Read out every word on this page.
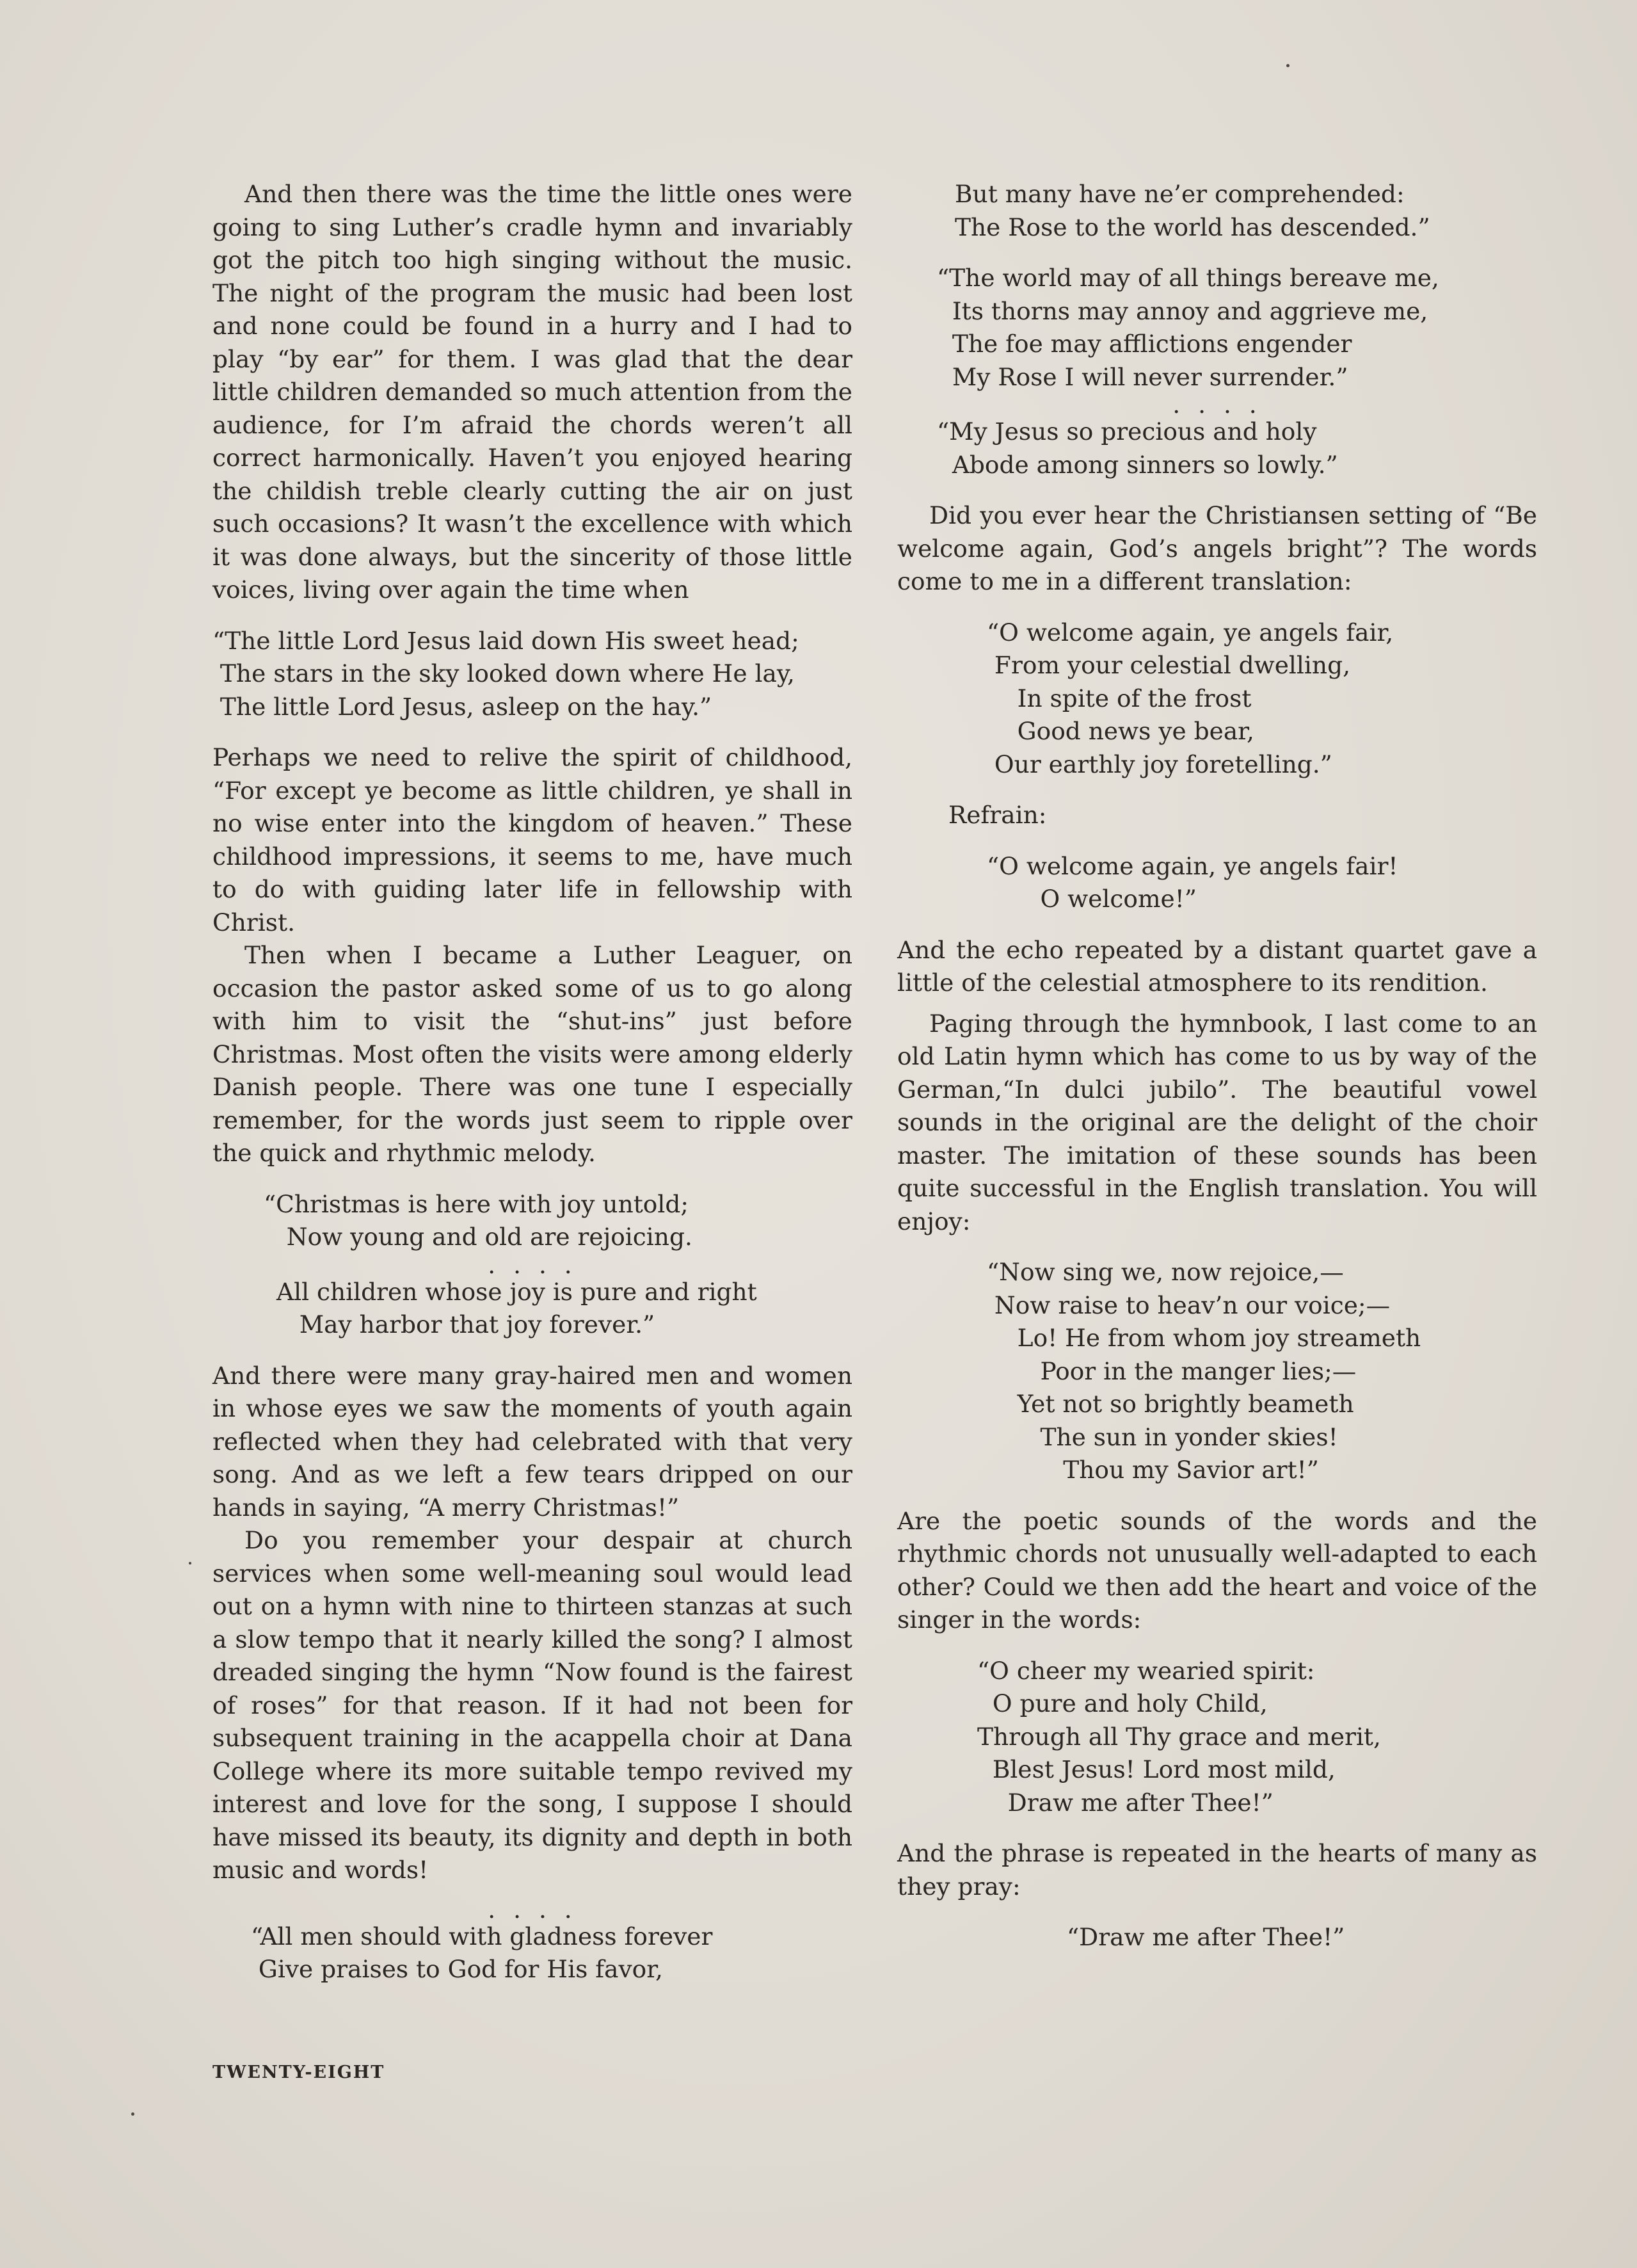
And then there was the time the little ones were going to sing Luther’s cradle hymn and invariably got the pitch too high singing without the music. The night of the program the music had been lost and none could be found in a hurry and I had to play “by ear” for them. I was glad that the dear little children demanded so much attention from the audience, for I’m afraid the chords weren’t all correct harmonically. Haven’t you enjoyed hearing the childish treble clearly cutting the air on just such occasions? It wasn’t the excellence with which it was done always, but the sincerity of those little voices, living over again the time when

“The little Lord Jesus laid down His sweet head;
The stars in the sky looked down where He lay,
The little Lord Jesus, asleep on the hay.”

Perhaps we need to relive the spirit of childhood, “For except ye become as little children, ye shall in no wise enter into the kingdom of heaven.” These childhood impressions, it seems to me, have much to do with guiding later life in fellowship with Christ.

Then when I became a Luther Leaguer, on occasion the pastor asked some of us to go along with him to visit the “shut-ins” just before Christmas. Most often the visits were among elderly Danish people. There was one tune I especially remember, for the words just seem to ripple over the quick and rhythmic melody.

“Christmas is here with joy untold;
Now young and old are rejoicing.
. . . .
All children whose joy is pure and right
May harbor that joy forever.”

And there were many gray-haired men and women in whose eyes we saw the moments of youth again reflected when they had celebrated with that very song. And as we left a few tears dripped on our hands in saying, “A merry Christmas!”

Do you remember your despair at church services when some well-meaning soul would lead out on a hymn with nine to thirteen stanzas at such a slow tempo that it nearly killed the song? I almost dreaded singing the hymn “Now found is the fairest of roses” for that reason. If it had not been for subsequent training in the acappella choir at Dana College where its more suitable tempo revived my interest and love for the song, I suppose I should have missed its beauty, its dignity and depth in both music and words!

. . . .
“All men should with gladness forever
Give praises to God for His favor,
But many have ne’er comprehended:
The Rose to the world has descended.”
“The world may of all things bereave me,
Its thorns may annoy and aggrieve me,
The foe may afflictions engender
My Rose I will never surrender.”
. . . .
“My Jesus so precious and holy
Abode among sinners so lowly.”

Did you ever hear the Christiansen setting of “Be welcome again, God’s angels bright”? The words come to me in a different translation:

“O welcome again, ye angels fair,
From your celestial dwelling,
In spite of the frost
Good news ye bear,
Our earthly joy foretelling.”

Refrain:

“O welcome again, ye angels fair!
O welcome!”

And the echo repeated by a distant quartet gave a little of the celestial atmosphere to its rendition.

Paging through the hymnbook, I last come to an old Latin hymn which has come to us by way of the German,“In dulci jubilo”. The beautiful vowel sounds in the original are the delight of the choir master. The imitation of these sounds has been quite successful in the English translation. You will enjoy:

“Now sing we, now rejoice,—
Now raise to heav’n our voice;—
Lo! He from whom joy streameth
Poor in the manger lies;—
Yet not so brightly beameth
The sun in yonder skies!
Thou my Savior art!”

Are the poetic sounds of the words and the rhythmic chords not unusually well-adapted to each other? Could we then add the heart and voice of the singer in the words:

“O cheer my wearied spirit:
O pure and holy Child,
Through all Thy grace and merit,
Blest Jesus! Lord most mild,
Draw me after Thee!”

And the phrase is repeated in the hearts of many as they pray:

“Draw me after Thee!”
TWENTY-EIGHT
